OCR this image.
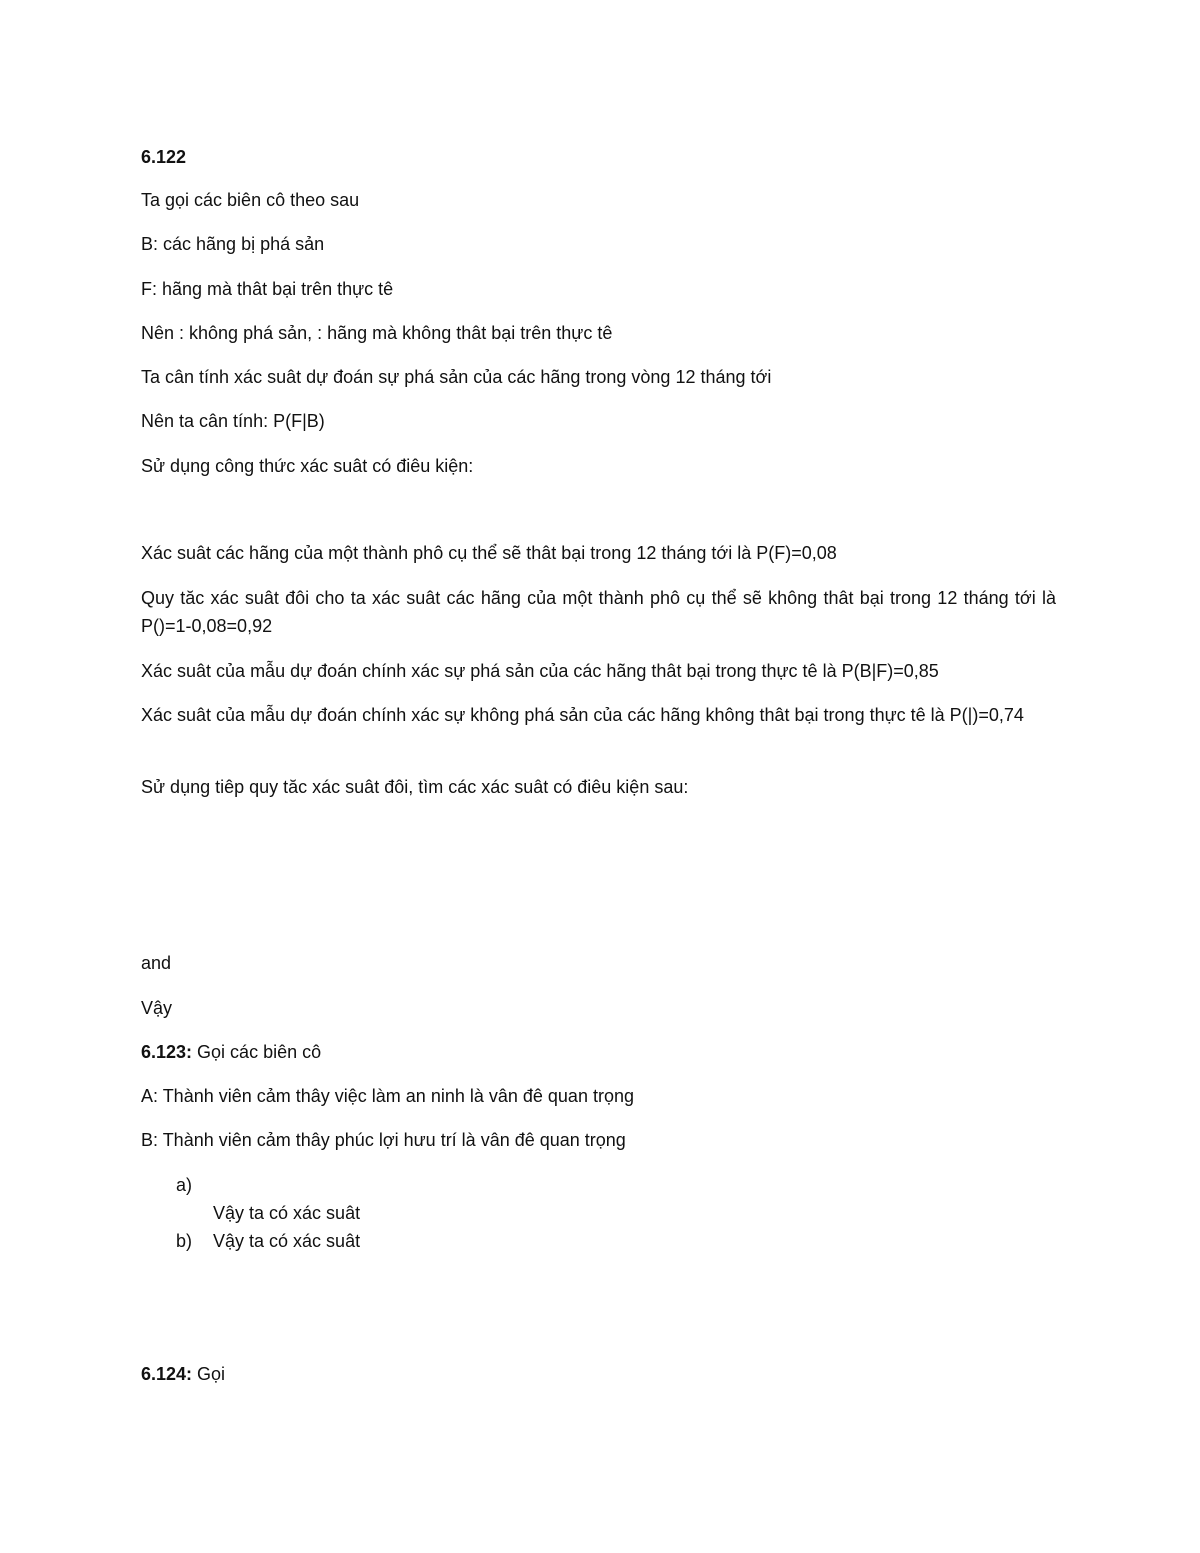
6.122
Ta gọi các biên cô theo sau
B: các hãng bị phá sản
F: hãng mà thât bại trên thực tê
Nên : không phá sản, : hãng mà không thât bại trên thực tê
Ta cân tính xác suât dự đoán sự phá sản của các hãng trong vòng 12 tháng tới
Nên ta cân tính: P(F|B)
Sử dụng công thức xác suât có điêu kiện:
Xác suât các hãng của một thành phô cụ thể sẽ thât bại trong 12 tháng tới là P(F)=0,08
Quy tăc xác suât đôi cho ta xác suât các hãng của một thành phô cụ thể sẽ không thât bại trong 12 tháng tới là P()=1-0,08=0,92
Xác suât của mẫu dự đoán chính xác sự phá sản của các hãng thât bại trong thực tê là P(B|F)=0,85
Xác suât của mẫu dự đoán chính xác sự không phá sản của các hãng không thât bại trong thực tê là P(|)=0,74
Sử dụng tiêp quy tăc xác suât đôi, tìm các xác suât có điêu kiện sau:
and
Vậy
6.123: Gọi các biên cô
A: Thành viên cảm thây việc làm an ninh là vân đê quan trọng
B: Thành viên cảm thây phúc lợi hưu trí là vân đê quan trọng
a)
Vậy ta có xác suât
b) Vậy ta có xác suât
6.124: Gọi
